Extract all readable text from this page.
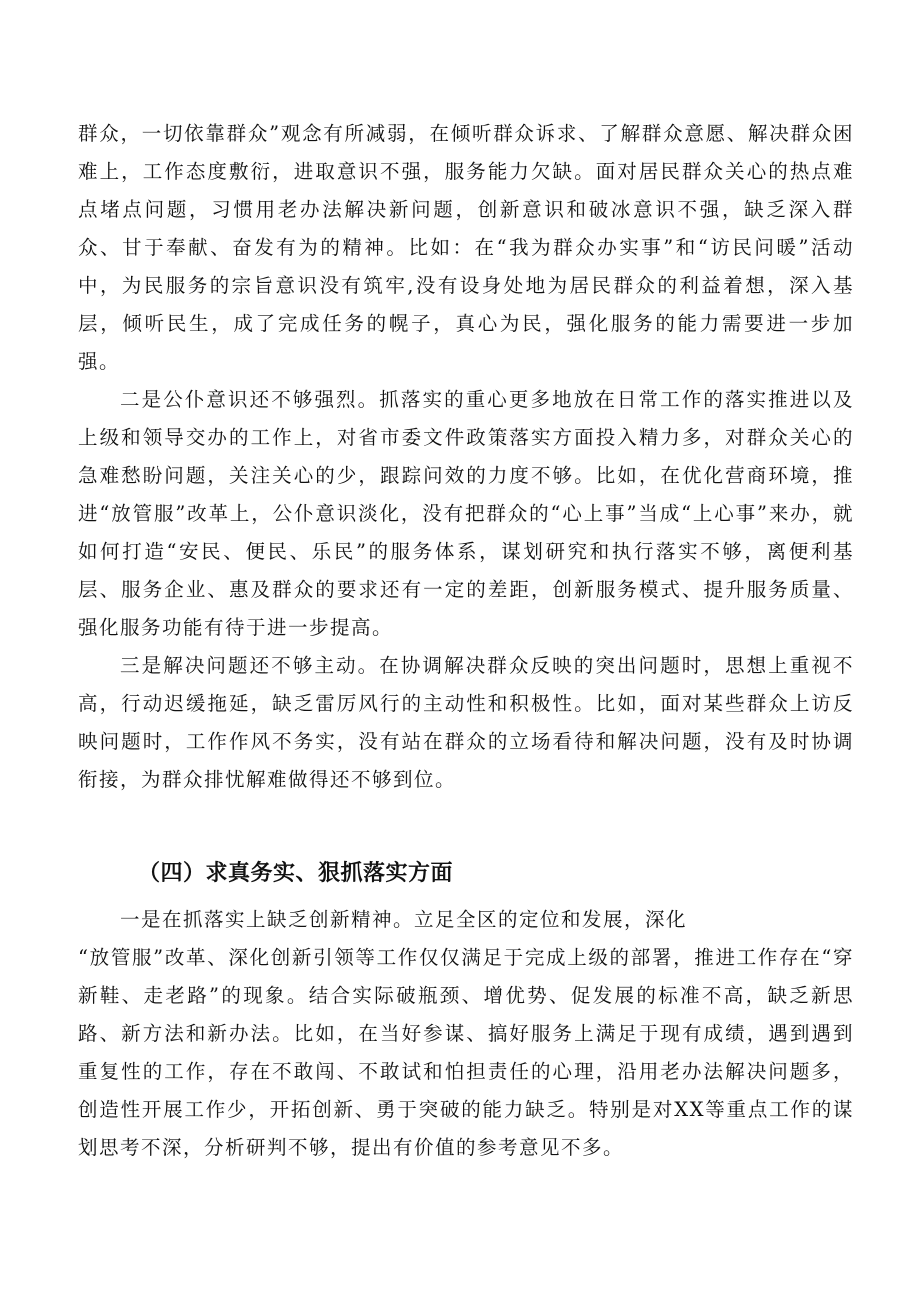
群众，一切依靠群众”观念有所减弱，在倾听群众诉求、了解群众意愿、解决群众困难上，工作态度敷衍，进取意识不强，服务能力欠缺。面对居民群众关心的热点难点堵点问题，习惯用老办法解决新问题，创新意识和破冰意识不强，缺乏深入群众、甘于奉献、奋发有为的精神。比如：在“我为群众办实事”和“访民问暖”活动中，为民服务的宗旨意识没有筑牢,没有设身处地为居民群众的利益着想，深入基层，倾听民生，成了完成任务的幌子，真心为民，强化服务的能力需要进一步加强。

二是公仆意识还不够强烈。抓落实的重心更多地放在日常工作的落实推进以及上级和领导交办的工作上，对省市委文件政策落实方面投入精力多，对群众关心的急难愁盼问题，关注关心的少，跟踪问效的力度不够。比如，在优化营商环境，推进“放管服”改革上，公仆意识淡化，没有把群众的“心上事”当成“上心事”来办，就如何打造“安民、便民、乐民”的服务体系，谋划研究和执行落实不够，离便利基层、服务企业、惠及群众的要求还有一定的差距，创新服务模式、提升服务质量、强化服务功能有待于进一步提高。

三是解决问题还不够主动。在协调解决群众反映的突出问题时，思想上重视不高，行动迟缓拖延，缺乏雷厉风行的主动性和积极性。比如，面对某些群众上访反映问题时，工作作风不务实，没有站在群众的立场看待和解决问题，没有及时协调衔接，为群众排忧解难做得还不够到位。

（四）求真务实、狠抓落实方面

一是在抓落实上缺乏创新精神。立足全区的定位和发展，深化

“放管服”改革、深化创新引领等工作仅仅满足于完成上级的部署，推进工作存在“穿新鞋、走老路”的现象。结合实际破瓶颈、增优势、促发展的标准不高，缺乏新思路、新方法和新办法。比如，在当好参谋、搞好服务上满足于现有成绩，遇到遇到重复性的工作，存在不敢闯、不敢试和怕担责任的心理，沿用老办法解决问题多，创造性开展工作少，开拓创新、勇于突破的能力缺乏。特别是对XX等重点工作的谋划思考不深，分析研判不够，提出有价值的参考意见不多。
